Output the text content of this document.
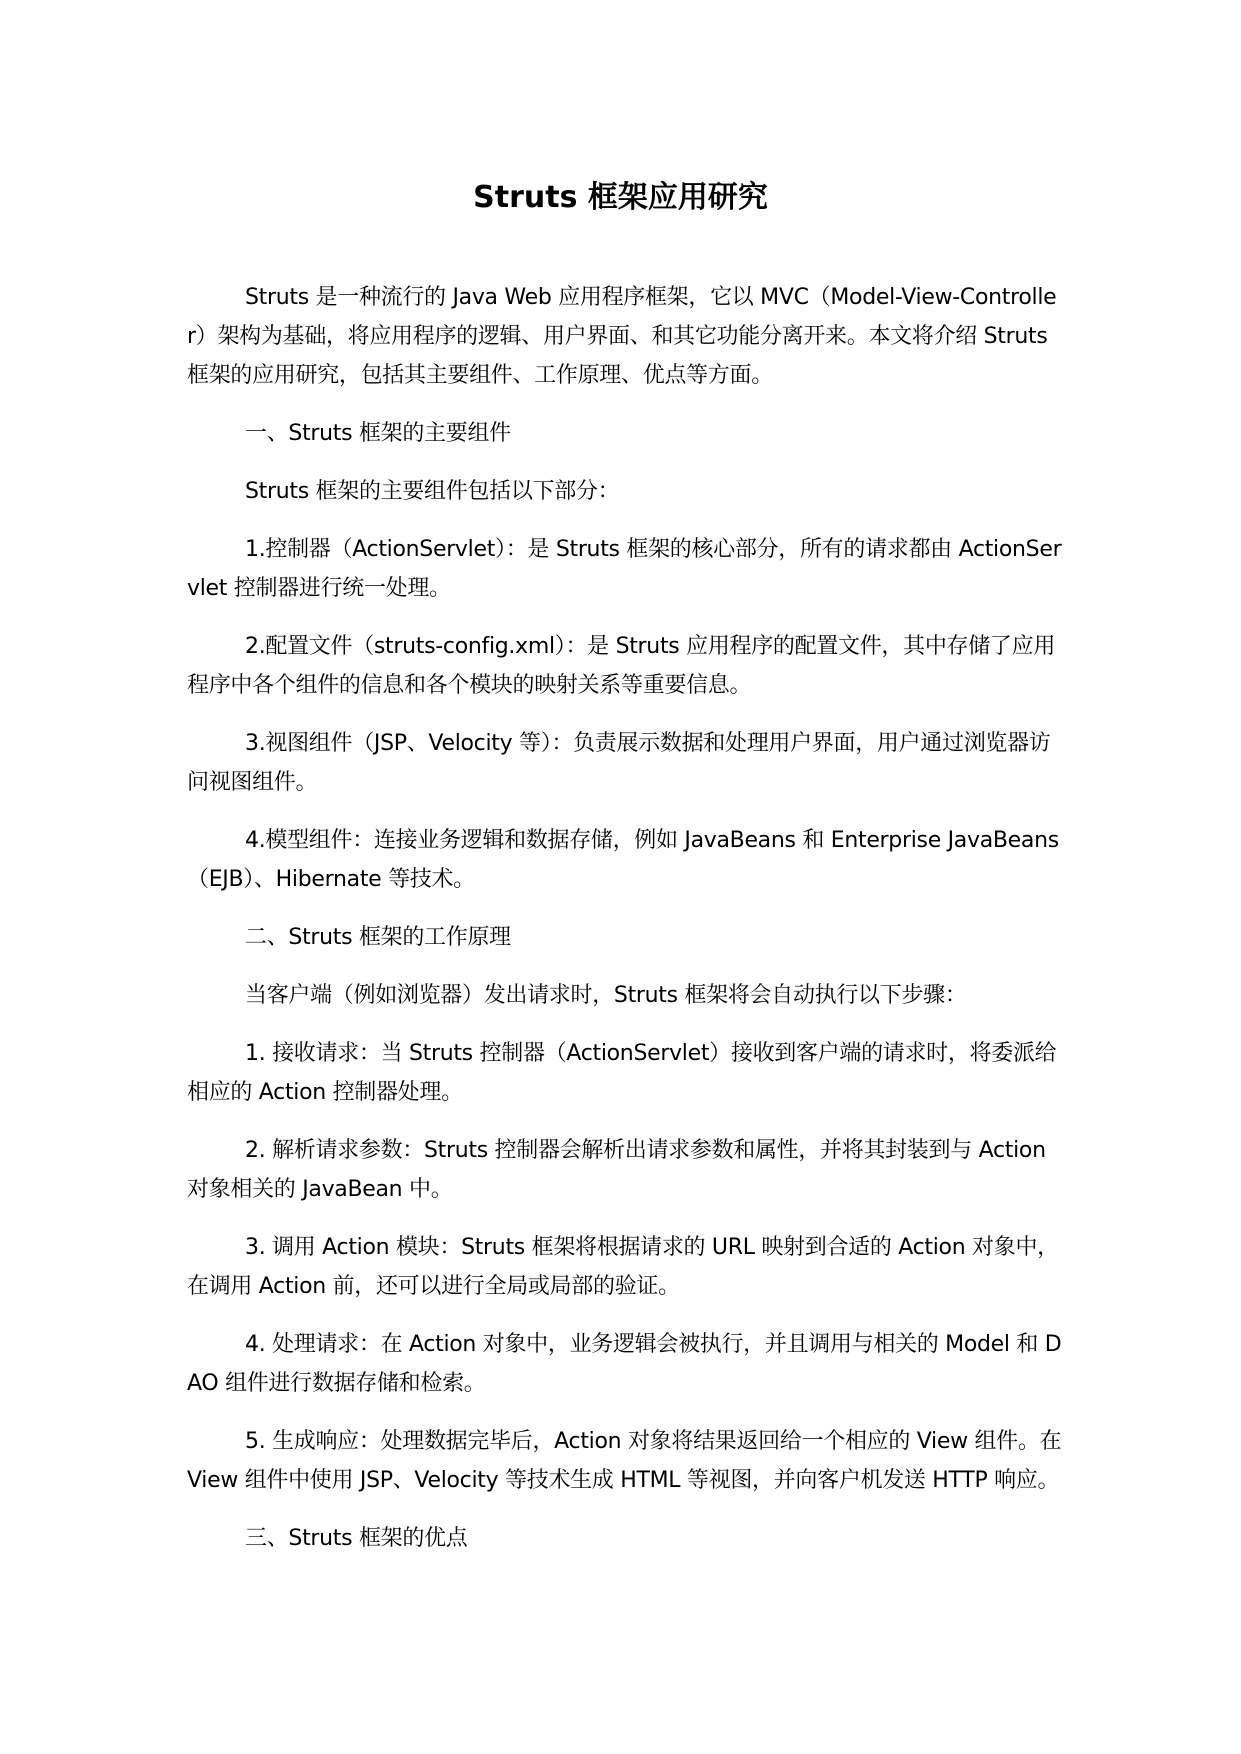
Struts 框架应用研究

Struts 是一种流行的 Java Web 应用程序框架，它以 MVC（Model-View-Controller）架构为基础，将应用程序的逻辑、用户界面、和其它功能分离开来。本文将介绍 Struts 框架的应用研究，包括其主要组件、工作原理、优点等方面。

一、Struts 框架的主要组件

Struts 框架的主要组件包括以下部分：

1.控制器（ActionServlet）：是 Struts 框架的核心部分，所有的请求都由 ActionServlet 控制器进行统一处理。

2.配置文件（struts-config.xml）：是 Struts 应用程序的配置文件，其中存储了应用程序中各个组件的信息和各个模块的映射关系等重要信息。

3.视图组件（JSP、Velocity 等）：负责展示数据和处理用户界面，用户通过浏览器访问视图组件。

4.模型组件：连接业务逻辑和数据存储，例如 JavaBeans 和 Enterprise JavaBeans（EJB）、Hibernate 等技术。

二、Struts 框架的工作原理

当客户端（例如浏览器）发出请求时，Struts 框架将会自动执行以下步骤：

1. 接收请求：当 Struts 控制器（ActionServlet）接收到客户端的请求时，将委派给相应的 Action 控制器处理。

2. 解析请求参数：Struts 控制器会解析出请求参数和属性，并将其封装到与 Action 对象相关的 JavaBean 中。

3. 调用 Action 模块：Struts 框架将根据请求的 URL 映射到合适的 Action 对象中，在调用 Action 前，还可以进行全局或局部的验证。

4. 处理请求：在 Action 对象中，业务逻辑会被执行，并且调用与相关的 Model 和 DAO 组件进行数据存储和检索。

5. 生成响应：处理数据完毕后，Action 对象将结果返回给一个相应的 View 组件。在 View 组件中使用 JSP、Velocity 等技术生成 HTML 等视图，并向客户机发送 HTTP 响应。

三、Struts 框架的优点
